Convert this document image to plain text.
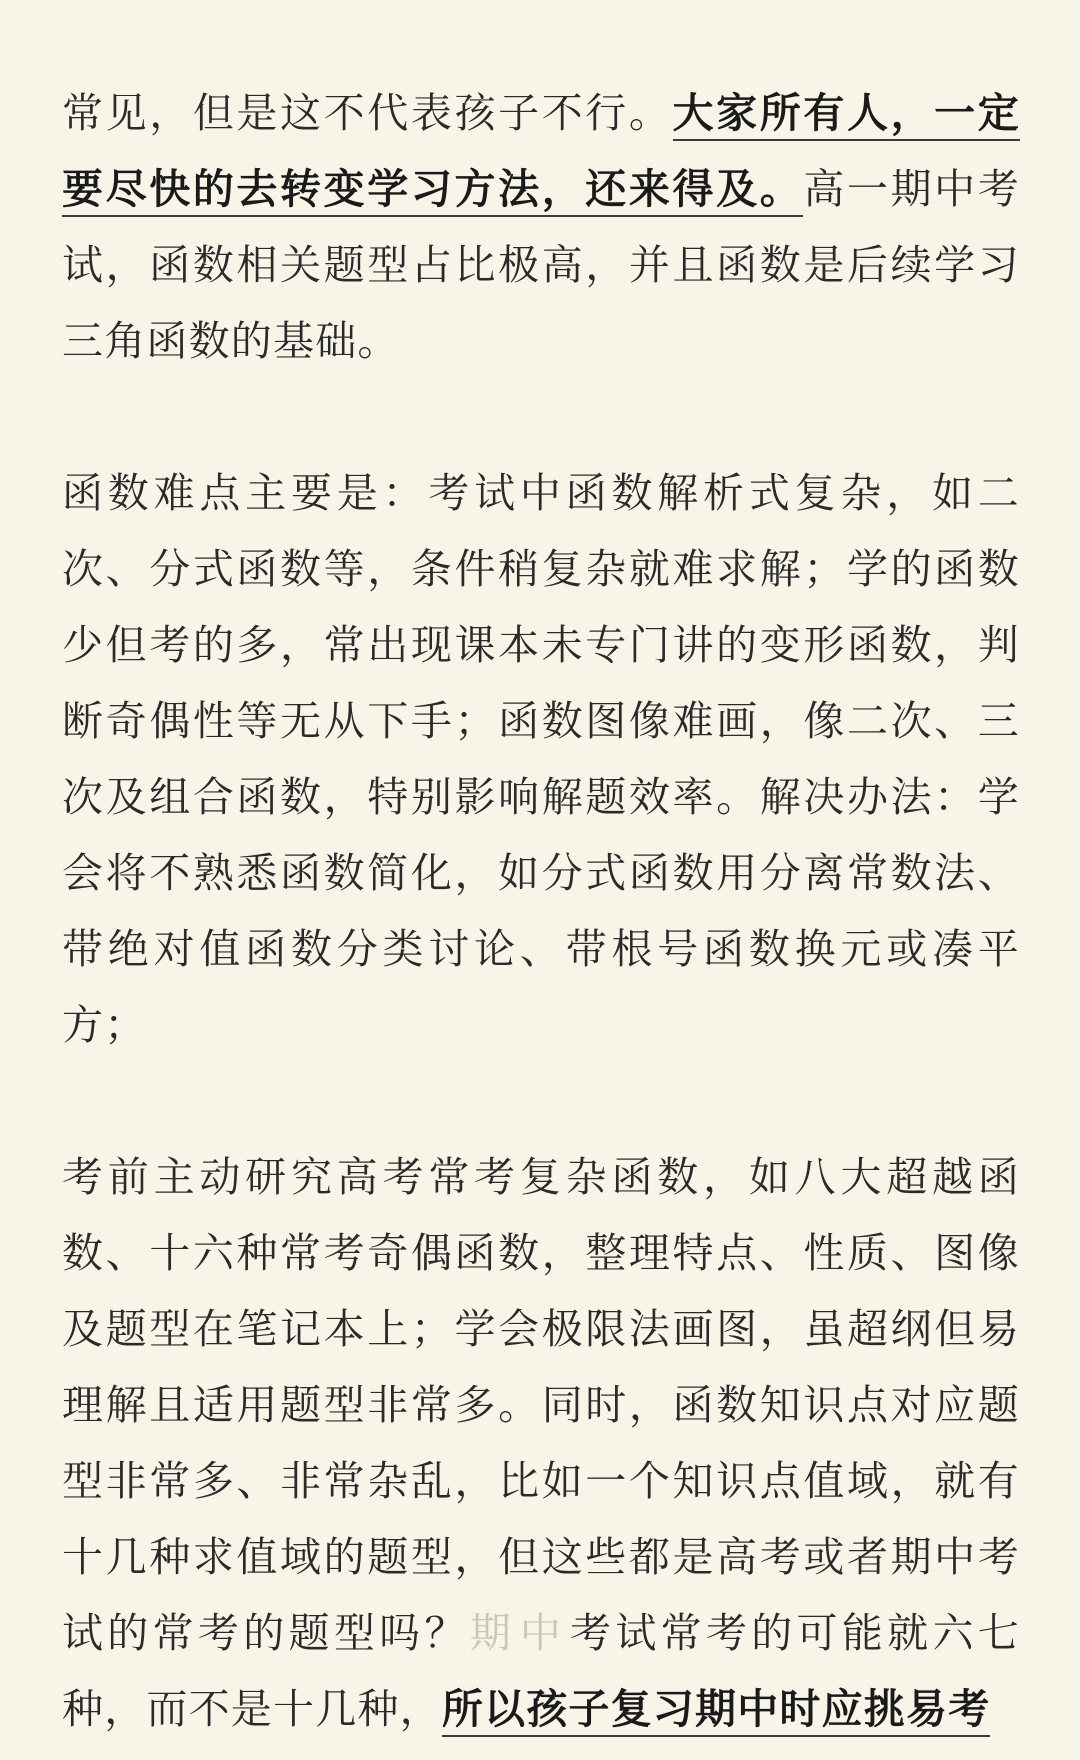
常见，但是这不代表孩子不行。大家所有人，一定要尽快的去转变学习方法，还来得及。高一期中考试，函数相关题型占比极高，并且函数是后续学习三角函数的基础。

函数难点主要是：考试中函数解析式复杂，如二次、分式函数等，条件稍复杂就难求解；学的函数少但考的多，常出现课本未专门讲的变形函数，判断奇偶性等无从下手；函数图像难画，像二次、三次及组合函数，特别影响解题效率。解决办法：学会将不熟悉函数简化，如分式函数用分离常数法、带绝对值函数分类讨论、带根号函数换元或凑平方；

考前主动研究高考常考复杂函数，如八大超越函数、十六种常考奇偶函数，整理特点、性质、图像及题型在笔记本上；学会极限法画图，虽超纲但易理解且适用题型非常多。同时，函数知识点对应题型非常多、非常杂乱，比如一个知识点值域，就有十几种求值域的题型，但这些都是高考或者期中考试的常考的题型吗？期中考试常考的可能就六七种，而不是十几种，所以孩子复习期中时应挑易考
